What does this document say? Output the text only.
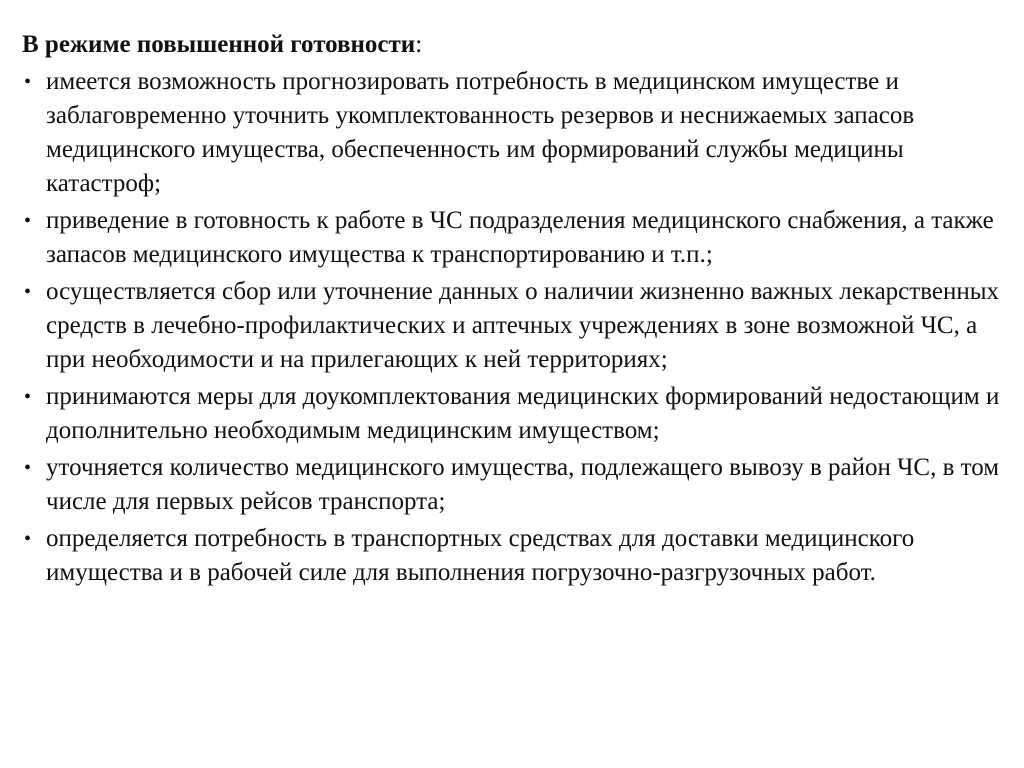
В режиме повышенной готовности:

• имеется возможность прогнозировать потребность в медицинском имуществе и заблаговременно уточнить укомплектованность резервов и неснижаемых запасов медицинского имущества, обеспеченность им формирований службы медицины катастроф;
• приведение в готовность к работе в ЧС подразделения медицинского снабжения, а также запасов медицинского имущества к транспортированию и т.п.;
• осуществляется сбор или уточнение данных о наличии жизненно важных лекарственных средств в лечебно-профилактических и аптечных учреждениях в зоне возможной ЧС, а при необходимости и на прилегающих к ней территориях;
• принимаются меры для доукомплектования медицинских формирований недостающим и дополнительно необходимым медицинским имуществом;
• уточняется количество медицинского имущества, подлежащего вывозу в район ЧС, в том числе для первых рейсов транспорта;
• определяется потребность в транспортных средствах для доставки медицинского имущества и в рабочей силе для выполнения погрузочно-разгрузочных работ.
